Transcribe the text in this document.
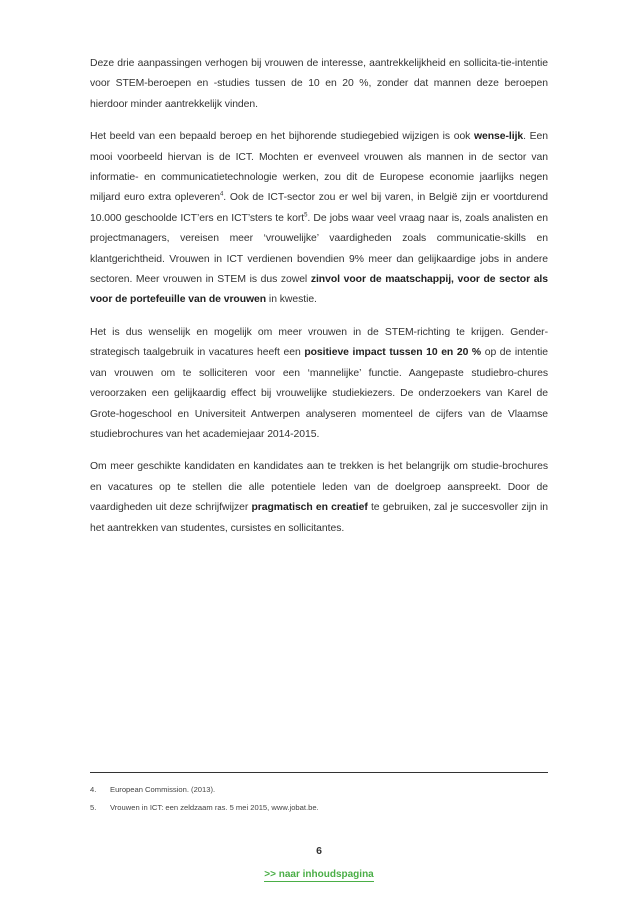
Deze drie aanpassingen verhogen bij vrouwen de interesse, aantrekkelijkheid en sollicita-tie-intentie voor STEM-beroepen en -studies tussen de 10 en 20 %, zonder dat mannen deze beroepen hierdoor minder aantrekkelijk vinden.

Het beeld van een bepaald beroep en het bijhorende studiegebied wijzigen is ook wense-lijk. Een mooi voorbeeld hiervan is de ICT. Mochten er evenveel vrouwen als mannen in de sector van informatie- en communicatietechnologie werken, zou dit de Europese economie jaarlijks negen miljard euro extra opleveren$^4$. Ook de ICT-sector zou er wel bij varen, in België zijn er voortdurend 10.000 geschoolde ICT’ers en ICT’sters te kort$^5$. De jobs waar veel vraag naar is, zoals analisten en projectmanagers, vereisen meer ‘vrouwelijke’ vaardigheden zoals communicatie-skills en klantgerichtheid. Vrouwen in ICT verdienen bovendien 9% meer dan gelijkaardige jobs in andere sectoren. Meer vrouwen in STEM is dus zowel zinvol voor de maatschappij, voor de sector als voor de portefeuille van de vrouwen in kwestie.

Het is dus wenselijk en mogelijk om meer vrouwen in de STEM-richting te krijgen. Gender-strategisch taalgebruik in vacatures heeft een positieve impact tussen 10 en 20 % op de intentie van vrouwen om te solliciteren voor een ‘mannelijke’ functie. Aangepaste studiebro-chures veroorzaken een gelijkaardig effect bij vrouwelijke studiekiezers. De onderzoekers van Karel de Grote-hogeschool en Universiteit Antwerpen analyseren momenteel de cijfers van de Vlaamse studiebrochures van het academiejaar 2014-2015.

Om meer geschikte kandidaten en kandidates aan te trekken is het belangrijk om studie-brochures en vacatures op te stellen die alle potentiele leden van de doelgroep aanspreekt. Door de vaardigheden uit deze schrijfwijzer pragmatisch en creatief te gebruiken, zal je succesvoller zijn in het aantrekken van studentes, cursistes en sollicitantes.

4.	European Commission. (2013).
5.	Vrouwen in ICT: een zeldzaam ras. 5 mei 2015, www.jobat.be.
6
>> naar inhoudspagina
